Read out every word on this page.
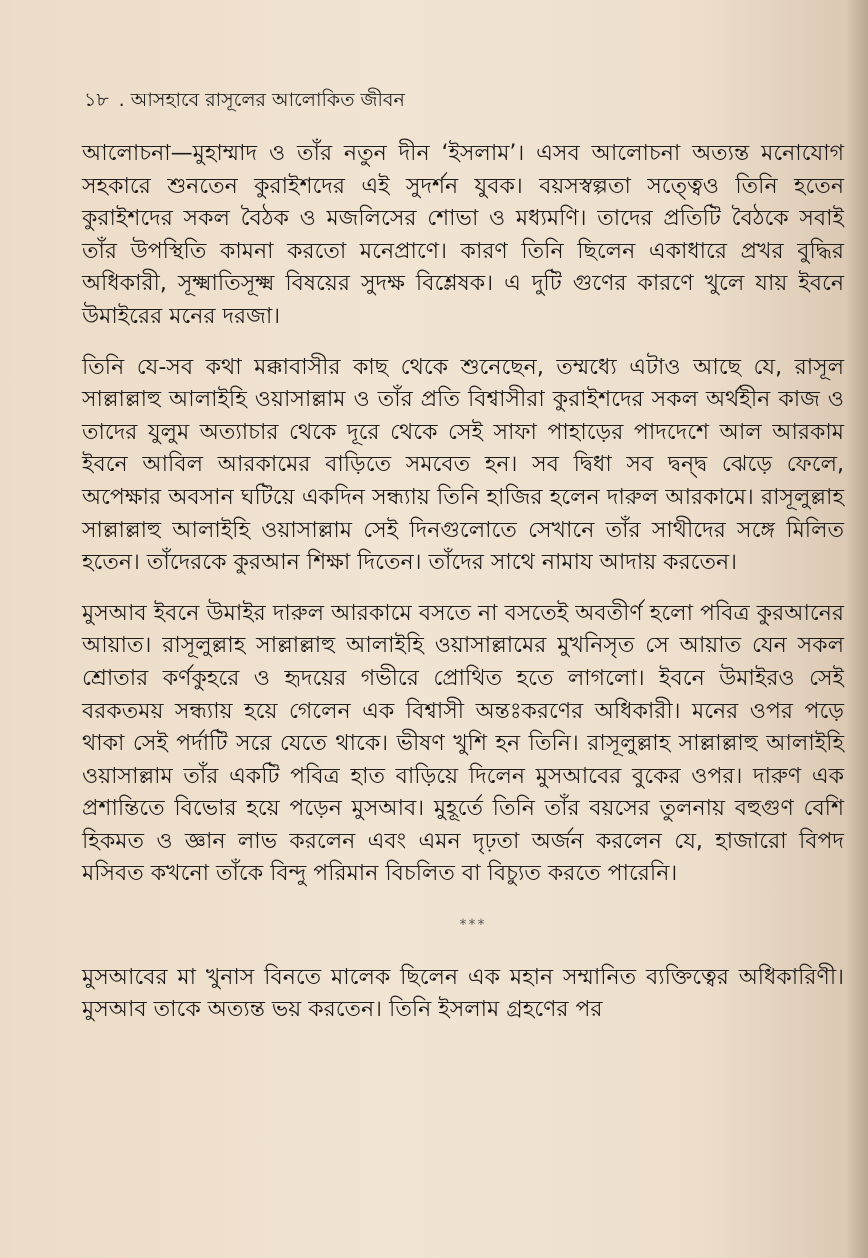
১৮ . আসহাবে রাসূলের আলোকিত জীবন

আলোচনা—মুহাম্মাদ ও তাঁর নতুন দীন ‘ইসলাম’। এসব আলোচনা অত্যন্ত মনোযোগ সহকারে শুনতেন কুরাইশদের এই সুদর্শন যুবক। বয়সস্বল্পতা সত্ত্বেও তিনি হতেন কুরাইশদের সকল বৈঠক ও মজলিসের শোভা ও মধ্যমণি। তাদের প্রতিটি বৈঠকে সবাই তাঁর উপস্থিতি কামনা করতো মনেপ্রাণে। কারণ তিনি ছিলেন একাধারে প্রখর বুদ্ধির অধিকারী, সূক্ষ্মাতিসূক্ষ্ম বিষয়ের সুদক্ষ বিশ্লেষক। এ দুটি গুণের কারণে খুলে যায় ইবনে উমাইরের মনের দরজা।

তিনি যে-সব কথা মক্কাবাসীর কাছ থেকে শুনেছেন, তম্মধ্যে এটাও আছে যে, রাসূল সাল্লাল্লাহু আলাইহি ওয়াসাল্লাম ও তাঁর প্রতি বিশ্বাসীরা কুরাইশদের সকল অর্থহীন কাজ ও তাদের যুলুম অত্যাচার থেকে দূরে থেকে সেই সাফা পাহাড়ের পাদদেশে আল আরকাম ইবনে আবিল আরকামের বাড়িতে সমবেত হন। সব দ্বিধা সব দ্বন্দ্ব ঝেড়ে ফেলে, অপেক্ষার অবসান ঘটিয়ে একদিন সন্ধ্যায় তিনি হাজির হলেন দারুল আরকামে। রাসূলুল্লাহ সাল্লাল্লাহু আলাইহি ওয়াসাল্লাম সেই দিনগুলোতে সেখানে তাঁর সাথীদের সঙ্গে মিলিত হতেন। তাঁদেরকে কুরআন শিক্ষা দিতেন। তাঁদের সাথে নামায আদায় করতেন।

মুসআব ইবনে উমাইর দারুল আরকামে বসতে না বসতেই অবতীর্ণ হলো পবিত্র কুরআনের আয়াত। রাসূলুল্লাহ সাল্লাল্লাহু আলাইহি ওয়াসাল্লামের মুখনিসৃত সে আয়াত যেন সকল শ্রোতার কর্ণকুহরে ও হৃদয়ের গভীরে প্রোথিত হতে লাগলো। ইবনে উমাইরও সেই বরকতময় সন্ধ্যায় হয়ে গেলেন এক বিশ্বাসী অন্তঃকরণের অধিকারী। মনের ওপর পড়ে থাকা সেই পর্দাটি সরে যেতে থাকে। ভীষণ খুশি হন তিনি। রাসূলুল্লাহ সাল্লাল্লাহু আলাইহি ওয়াসাল্লাম তাঁর একটি পবিত্র হাত বাড়িয়ে দিলেন মুসআবের বুকের ওপর। দারুণ এক প্রশান্তিতে বিভোর হয়ে পড়েন মুসআব। মুহূর্তে তিনি তাঁর বয়সের তুলনায় বহুগুণ বেশি হিকমত ও জ্ঞান লাভ করলেন এবং এমন দৃঢ়তা অর্জন করলেন যে, হাজারো বিপদ মসিবত কখনো তাঁকে বিন্দু পরিমান বিচলিত বা বিচ্যুত করতে পারেনি।

***

মুসআবের মা খুনাস বিনতে মালেক ছিলেন এক মহান সম্মানিত ব্যক্তিত্বের অধিকারিণী। মুসআব তাকে অত্যন্ত ভয় করতেন। তিনি ইসলাম গ্রহণের পর
